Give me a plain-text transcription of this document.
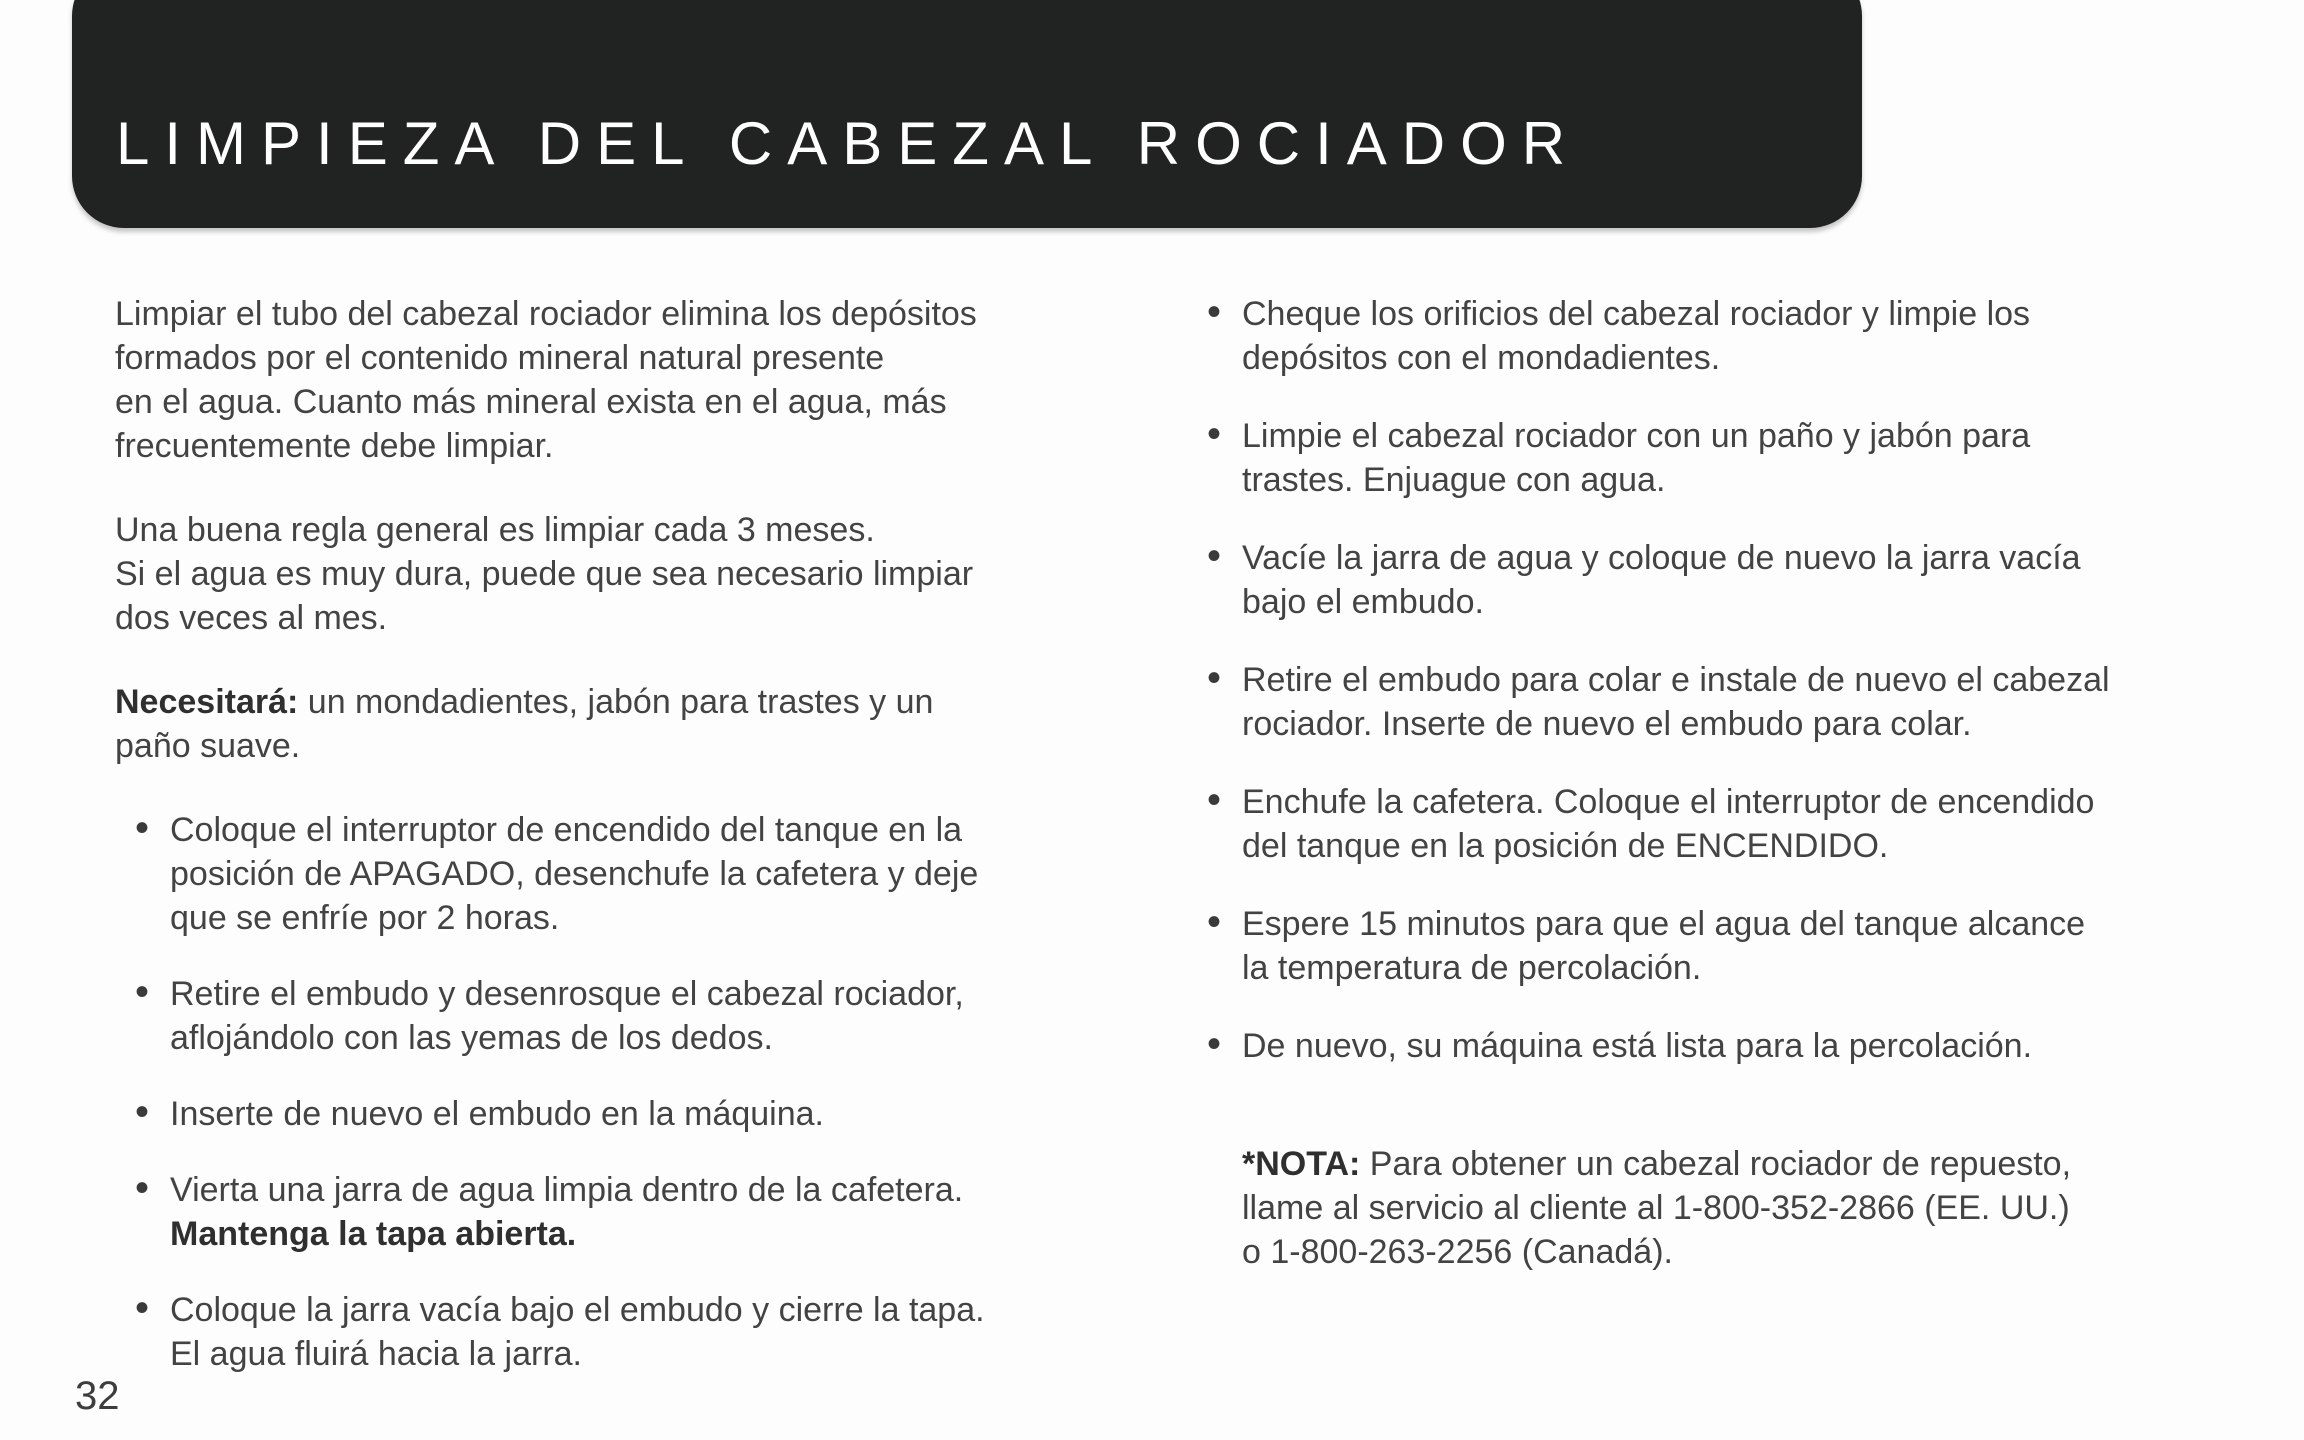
LIMPIEZA DEL CABEZAL ROCIADOR

Limpiar el tubo del cabezal rociador elimina los depósitos
formados por el contenido mineral natural presente
en el agua. Cuanto más mineral exista en el agua, más
frecuentemente debe limpiar.

Una buena regla general es limpiar cada 3 meses.
Si el agua es muy dura, puede que sea necesario limpiar
dos veces al mes.

Necesitará: un mondadientes, jabón para trastes y un
paño suave.

• Coloque el interruptor de encendido del tanque en la
posición de APAGADO, desenchufe la cafetera y deje
que se enfríe por 2 horas.
• Retire el embudo y desenrosque el cabezal rociador,
aflojándolo con las yemas de los dedos.
• Inserte de nuevo el embudo en la máquina.
• Vierta una jarra de agua limpia dentro de la cafetera.
Mantenga la tapa abierta.
• Coloque la jarra vacía bajo el embudo y cierre la tapa.
El agua fluirá hacia la jarra.
• Cheque los orificios del cabezal rociador y limpie los
depósitos con el mondadientes.
• Limpie el cabezal rociador con un paño y jabón para
trastes. Enjuague con agua.
• Vacíe la jarra de agua y coloque de nuevo la jarra vacía
bajo el embudo.
• Retire el embudo para colar e instale de nuevo el cabezal
rociador. Inserte de nuevo el embudo para colar.
• Enchufe la cafetera. Coloque el interruptor de encendido
del tanque en la posición de ENCENDIDO.
• Espere 15 minutos para que el agua del tanque alcance
la temperatura de percolación.
• De nuevo, su máquina está lista para la percolación.

*NOTA: Para obtener un cabezal rociador de repuesto,
llame al servicio al cliente al 1-800-352-2866 (EE. UU.)
o 1-800-263-2256 (Canadá).

32
